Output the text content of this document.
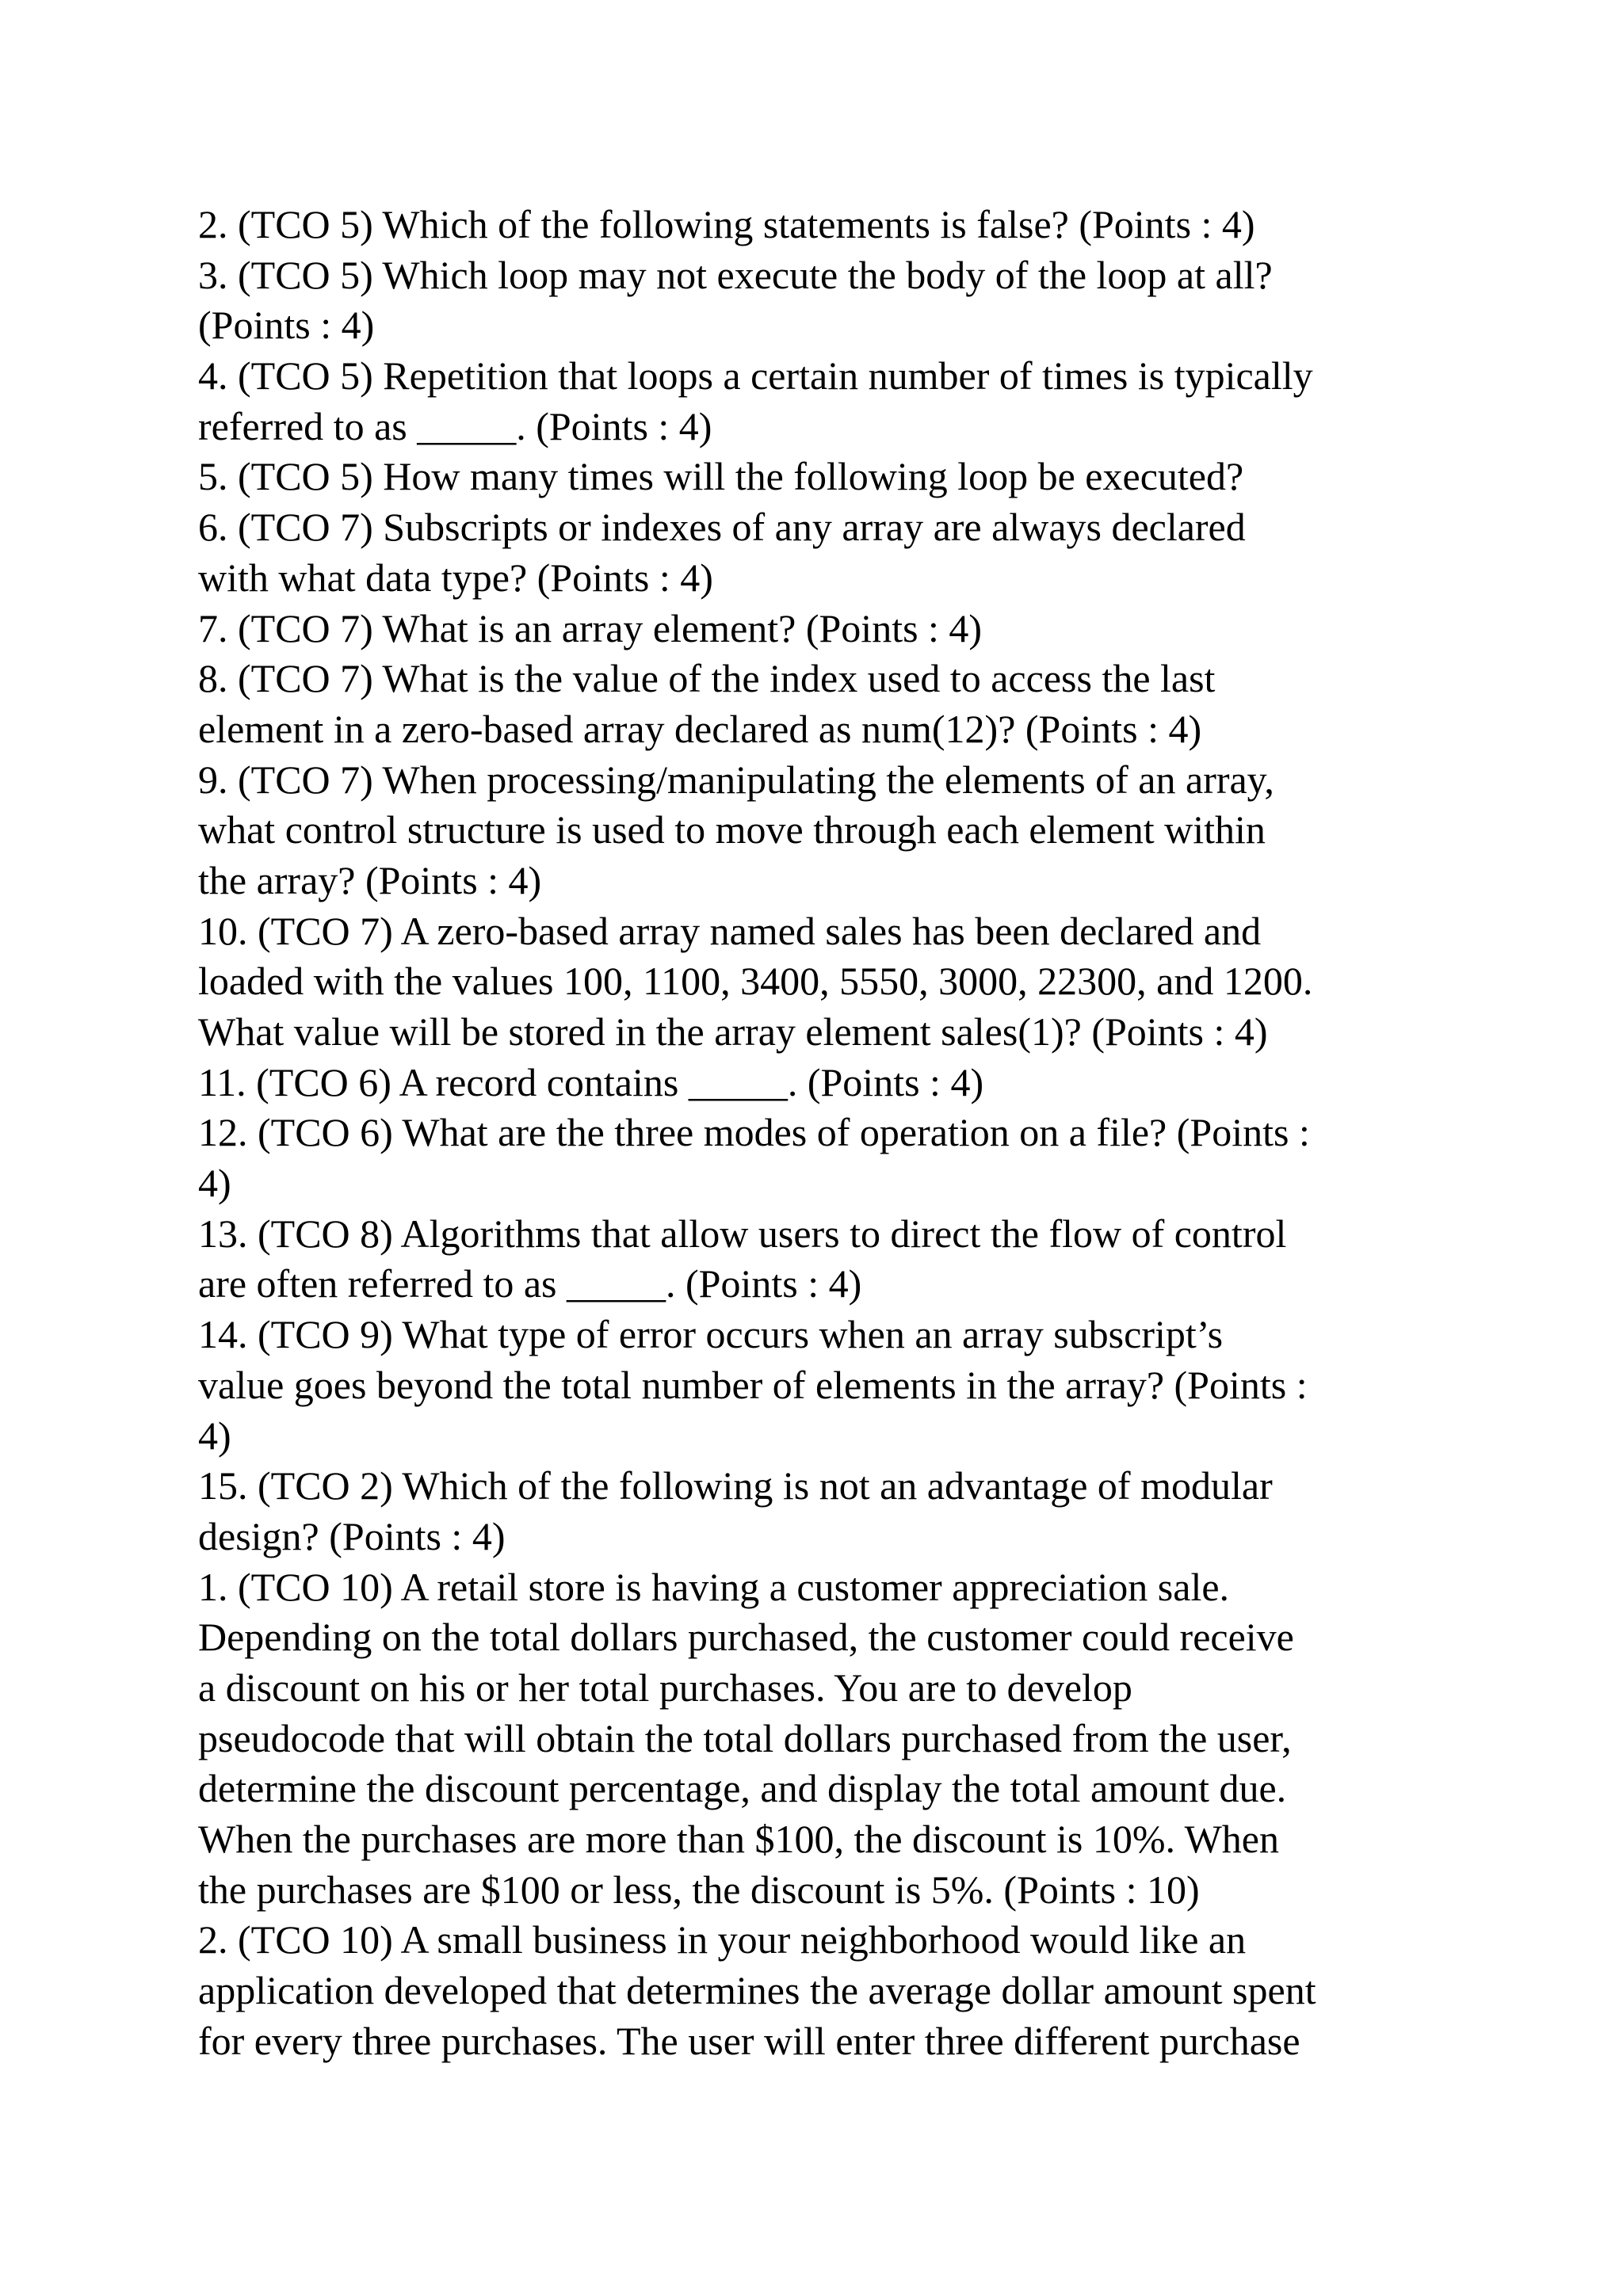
2. (TCO 5) Which of the following statements is false? (Points : 4)
3. (TCO 5) Which loop may not execute the body of the loop at all?
(Points : 4)
4. (TCO 5) Repetition that loops a certain number of times is typically
referred to as _____. (Points : 4)
5. (TCO 5) How many times will the following loop be executed?
6. (TCO 7) Subscripts or indexes of any array are always declared
with what data type? (Points : 4)
7. (TCO 7) What is an array element? (Points : 4)
8. (TCO 7) What is the value of the index used to access the last
element in a zero-based array declared as num(12)? (Points : 4)
9. (TCO 7) When processing/manipulating the elements of an array,
what control structure is used to move through each element within
the array? (Points : 4)
10. (TCO 7) A zero-based array named sales has been declared and
loaded with the values 100, 1100, 3400, 5550, 3000, 22300, and 1200.
What value will be stored in the array element sales(1)? (Points : 4)
11. (TCO 6) A record contains _____. (Points : 4)
12. (TCO 6) What are the three modes of operation on a file? (Points :
4)
13. (TCO 8) Algorithms that allow users to direct the flow of control
are often referred to as _____. (Points : 4)
14. (TCO 9) What type of error occurs when an array subscript’s
value goes beyond the total number of elements in the array? (Points :
4)
15. (TCO 2) Which of the following is not an advantage of modular
design? (Points : 4)
1. (TCO 10) A retail store is having a customer appreciation sale.
Depending on the total dollars purchased, the customer could receive
a discount on his or her total purchases. You are to develop
pseudocode that will obtain the total dollars purchased from the user,
determine the discount percentage, and display the total amount due.
When the purchases are more than $100, the discount is 10%. When
the purchases are $100 or less, the discount is 5%. (Points : 10)
2. (TCO 10) A small business in your neighborhood would like an
application developed that determines the average dollar amount spent
for every three purchases. The user will enter three different purchase
